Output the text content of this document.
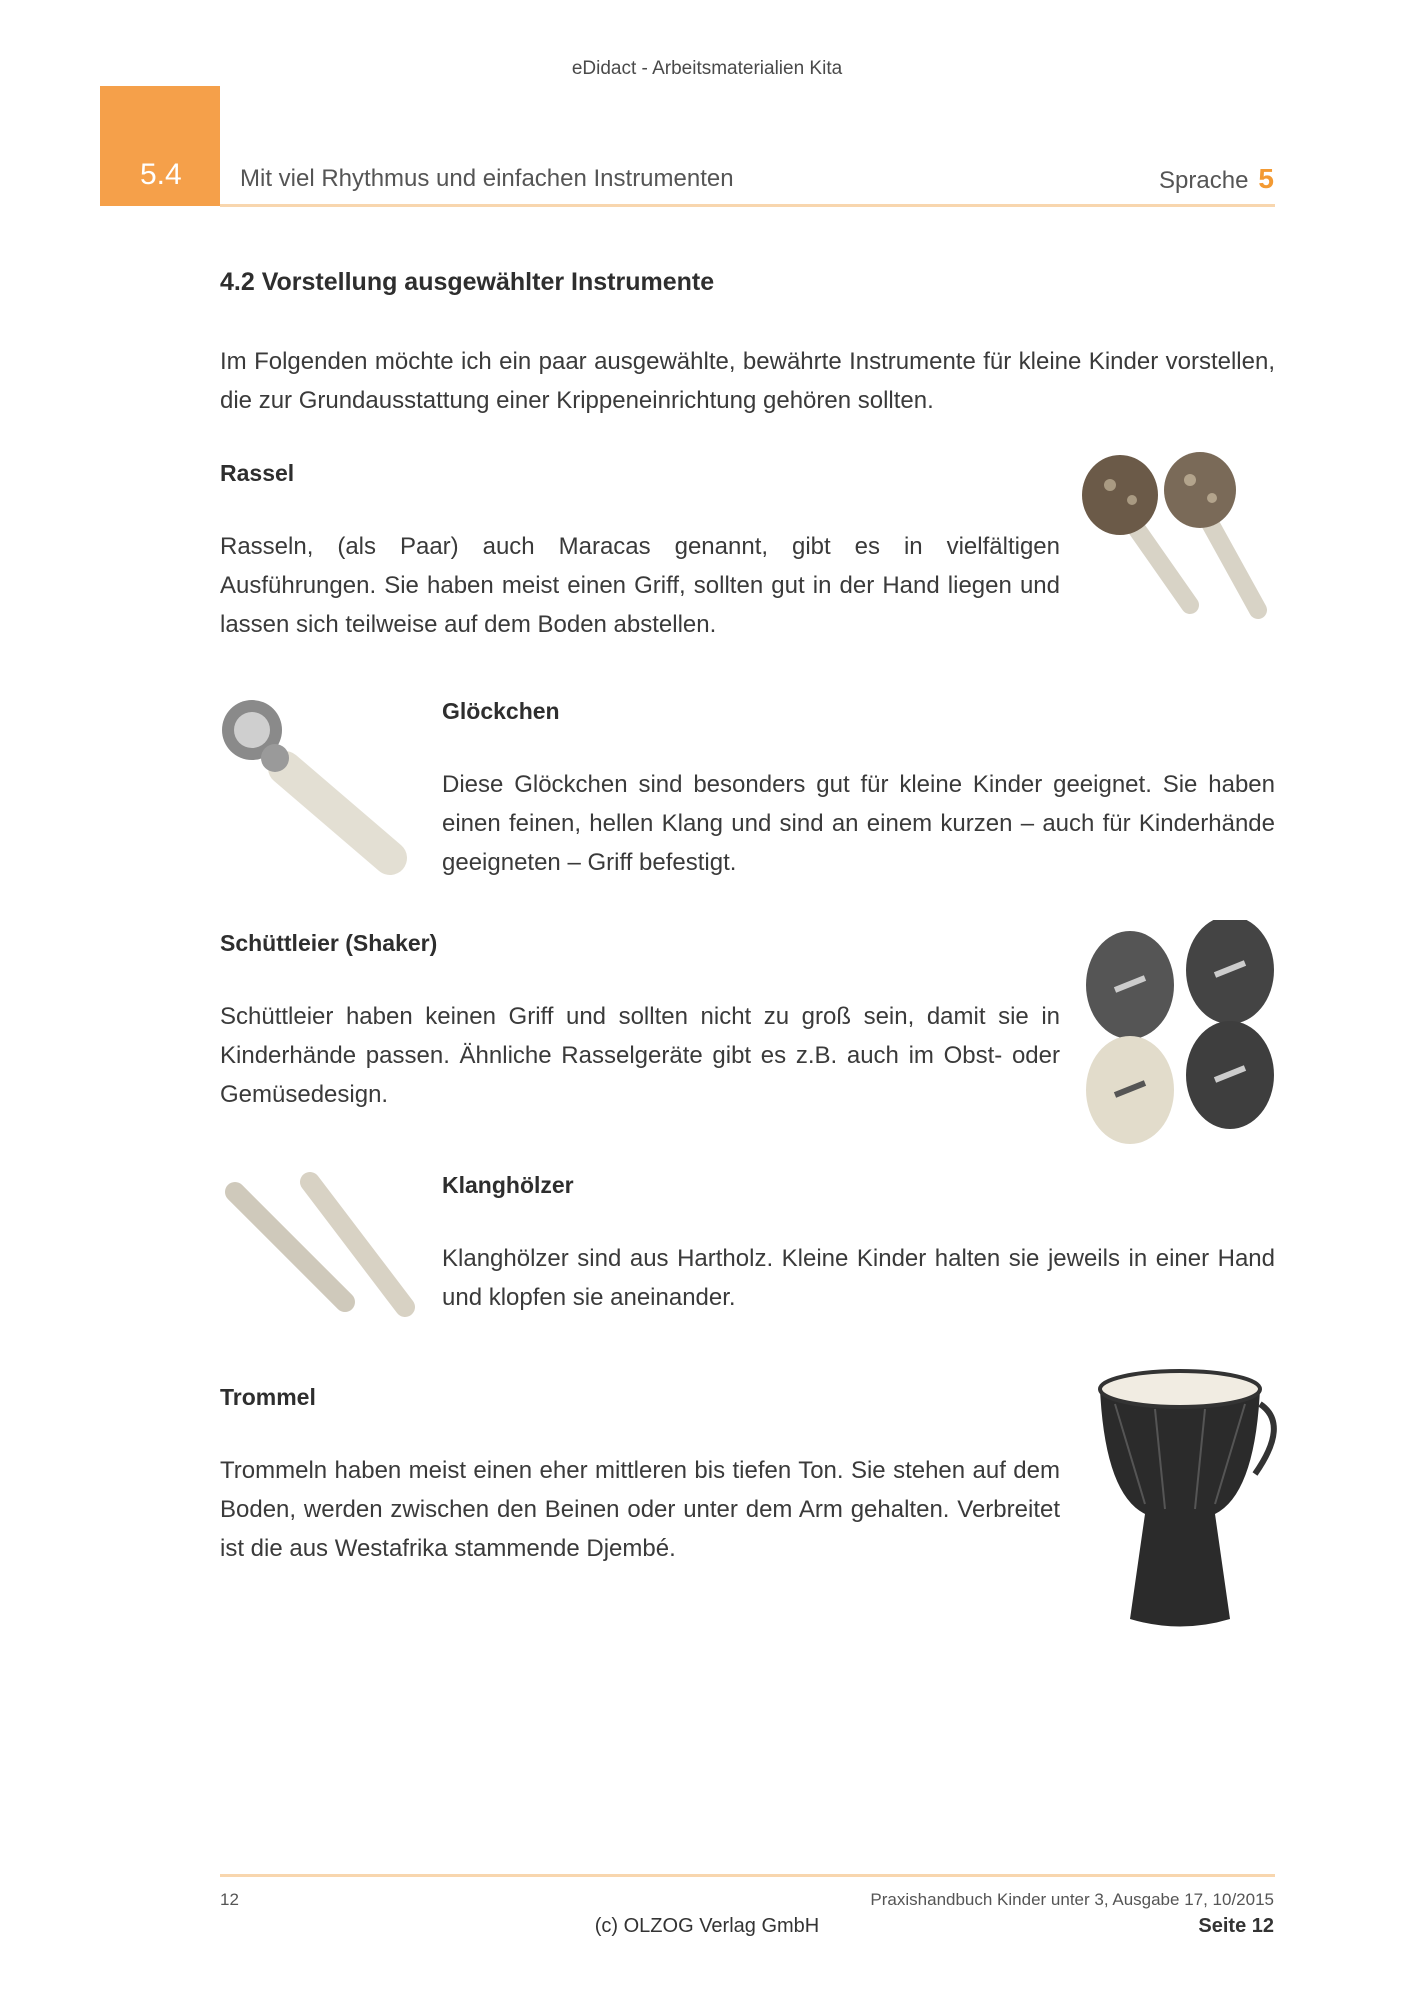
eDidact - Arbeitsmaterialien Kita
5.4 Mit viel Rhythmus und einfachen Instrumenten	Sprache 5
4.2 Vorstellung ausgewählter Instrumente

Im Folgenden möchte ich ein paar ausgewählte, bewährte Instrumente für kleine Kinder vorstellen, die zur Grundausstattung einer Krippeneinrichtung gehören sollten.

Rassel

Rasseln, (als Paar) auch Maracas genannt, gibt es in vielfältigen Ausführungen. Sie haben meist einen Griff, sollten gut in der Hand liegen und lassen sich teilweise auf dem Boden abstellen.

Glöckchen

Diese Glöckchen sind besonders gut für kleine Kinder geeignet. Sie haben einen feinen, hellen Klang und sind an einem kurzen – auch für Kinderhände geeigneten – Griff befestigt.

Schüttleier (Shaker)

Schüttleier haben keinen Griff und sollten nicht zu groß sein, damit sie in Kinderhände passen. Ähnliche Rasselgeräte gibt es z.B. auch im Obst- oder Gemüsedesign.

Klanghölzer

Klanghölzer sind aus Hartholz. Kleine Kinder halten sie jeweils in einer Hand und klopfen sie aneinander.

Trommel

Trommeln haben meist einen eher mittleren bis tiefen Ton. Sie stehen auf dem Boden, werden zwischen den Beinen oder unter dem Arm gehalten. Verbreitet ist die aus Westafrika stammende Djembé.

12	Praxishandbuch Kinder unter 3, Ausgabe 17, 10/2015
(c) OLZOG Verlag GmbH	Seite 12
